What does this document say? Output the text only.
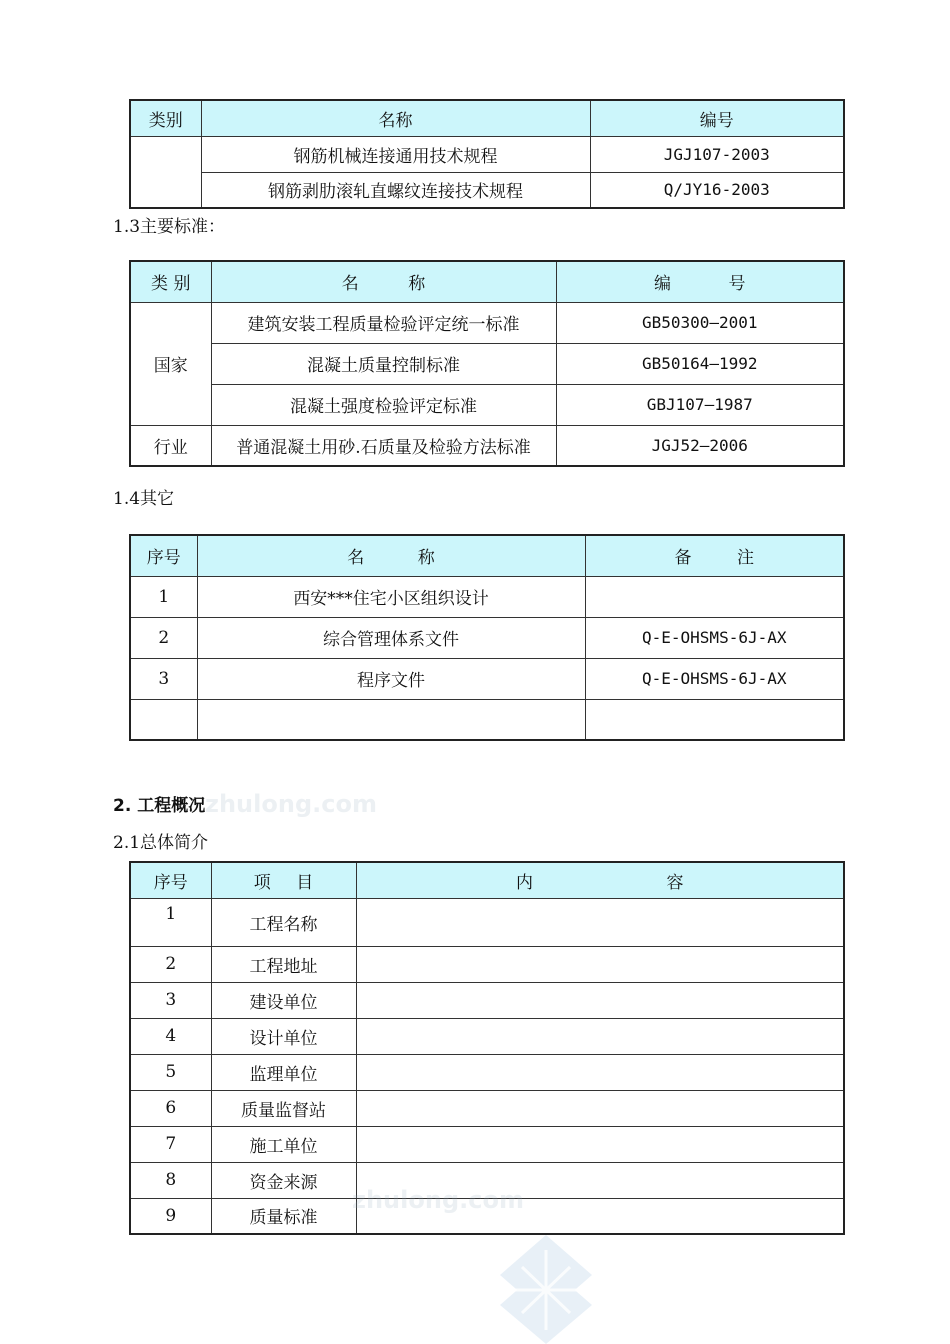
类别	名称	编号
	钢筋机械连接通用技术规程	JGJ107-2003
	钢筋剥肋滚轧直螺纹连接技术规程	Q/JY16-2003
1.3主要标准：
类 别	名 称	编 号
国家	建筑安装工程质量检验评定统一标准	GB50300—2001
	混凝土质量控制标准	GB50164—1992
	混凝土强度检验评定标准	GBJ107—1987
行业	普通混凝土用砂.石质量及检验方法标准	JGJ52—2006
1.4其它
序号	名 称	备 注
1	西安***住宅小区组织设计	
2	综合管理体系文件	Q-E-OHSMS-6J-AX
3	程序文件	Q-E-OHSMS-6J-AX

zhulong.com
2. 工程概况
2.1总体简介
序号	项 目	内 容
1	工程名称	
2	工程地址	
3	建设单位	
4	设计单位	
5	监理单位	
6	质量监督站	
7	施工单位	
8	资金来源	
9	质量标准	
zhulong.com
